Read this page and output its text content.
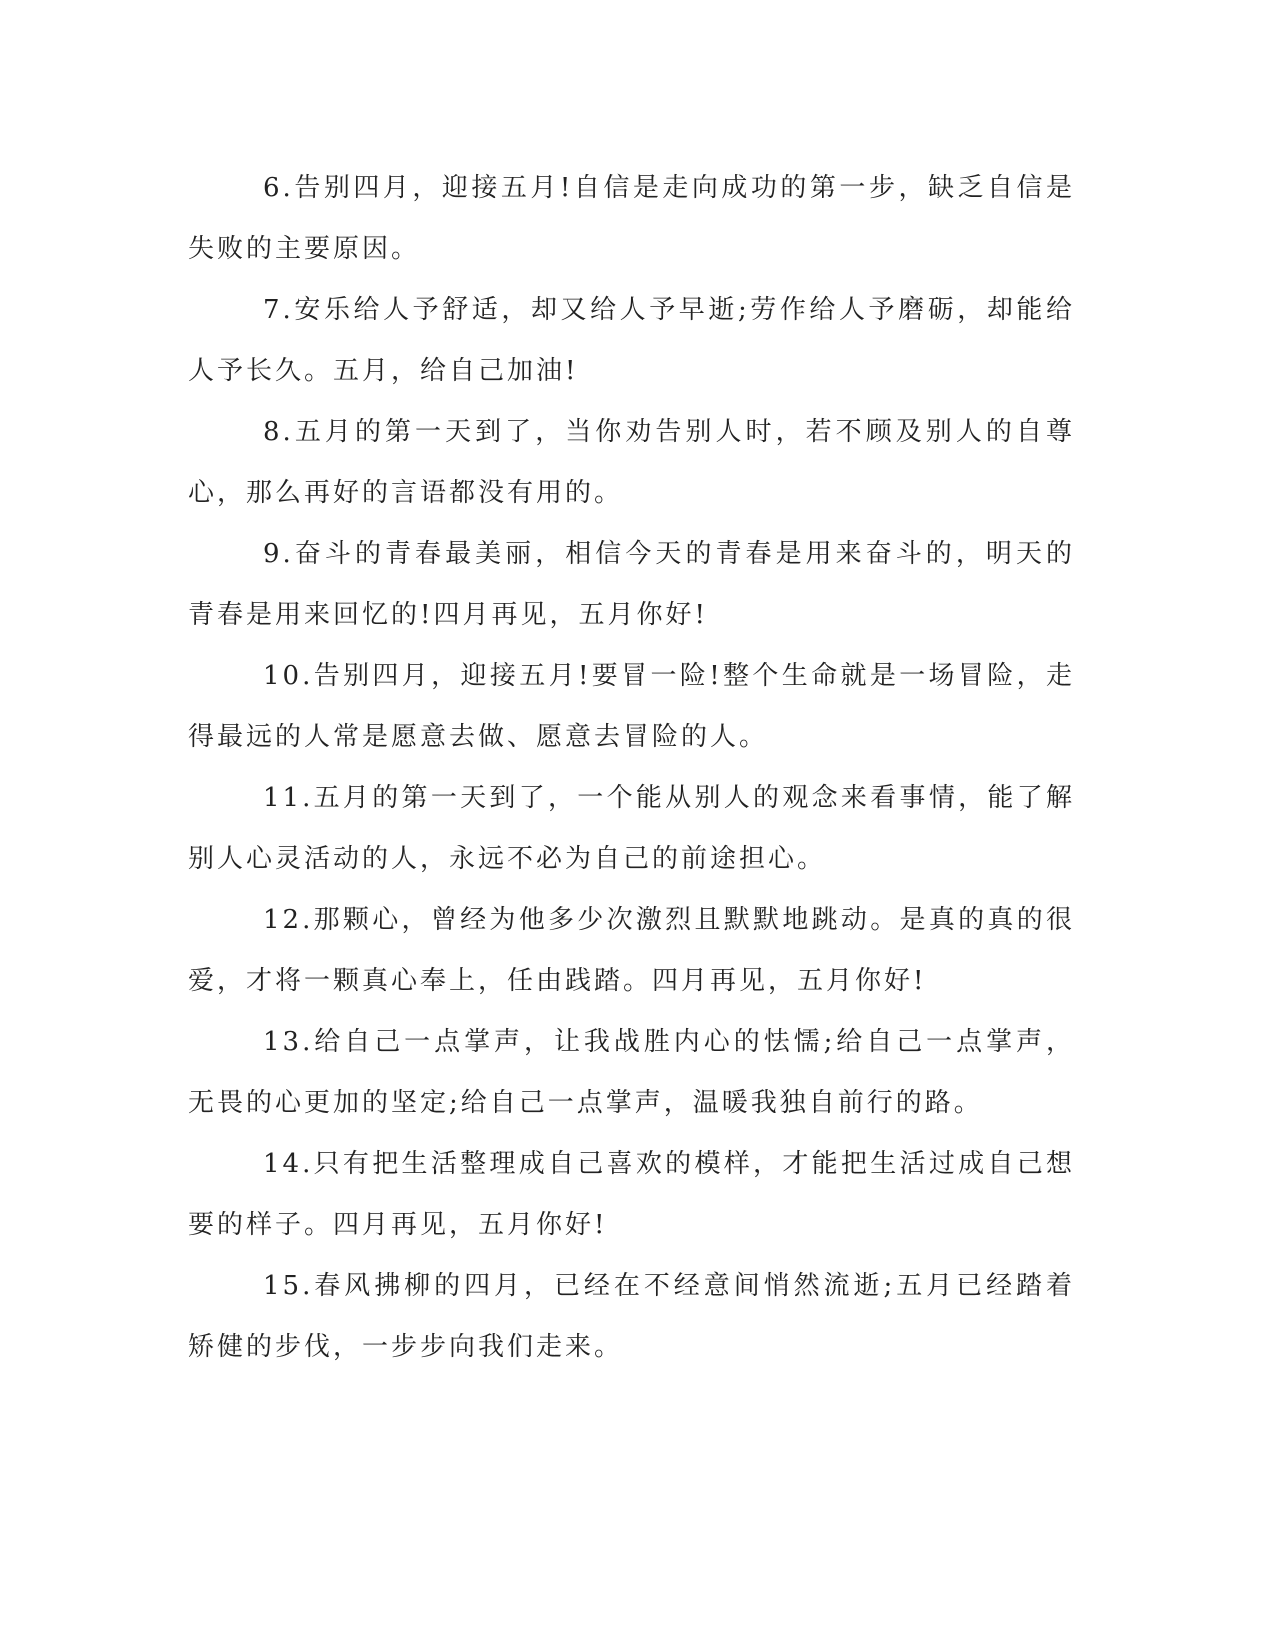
6.告别四月，迎接五月!自信是走向成功的第一步，缺乏自信是失败的主要原因。

7.安乐给人予舒适，却又给人予早逝;劳作给人予磨砺，却能给人予长久。五月，给自己加油!

8.五月的第一天到了，当你劝告别人时，若不顾及别人的自尊心，那么再好的言语都没有用的。

9.奋斗的青春最美丽，相信今天的青春是用来奋斗的，明天的青春是用来回忆的!四月再见，五月你好!

10.告别四月，迎接五月!要冒一险!整个生命就是一场冒险，走得最远的人常是愿意去做、愿意去冒险的人。

11.五月的第一天到了，一个能从别人的观念来看事情，能了解别人心灵活动的人，永远不必为自己的前途担心。

12.那颗心，曾经为他多少次激烈且默默地跳动。是真的真的很爱，才将一颗真心奉上，任由践踏。四月再见，五月你好!

13.给自己一点掌声，让我战胜内心的怯懦;给自己一点掌声，无畏的心更加的坚定;给自己一点掌声，温暖我独自前行的路。

14.只有把生活整理成自己喜欢的模样，才能把生活过成自己想要的样子。四月再见，五月你好!

15.春风拂柳的四月，已经在不经意间悄然流逝;五月已经踏着矫健的步伐，一步步向我们走来。
